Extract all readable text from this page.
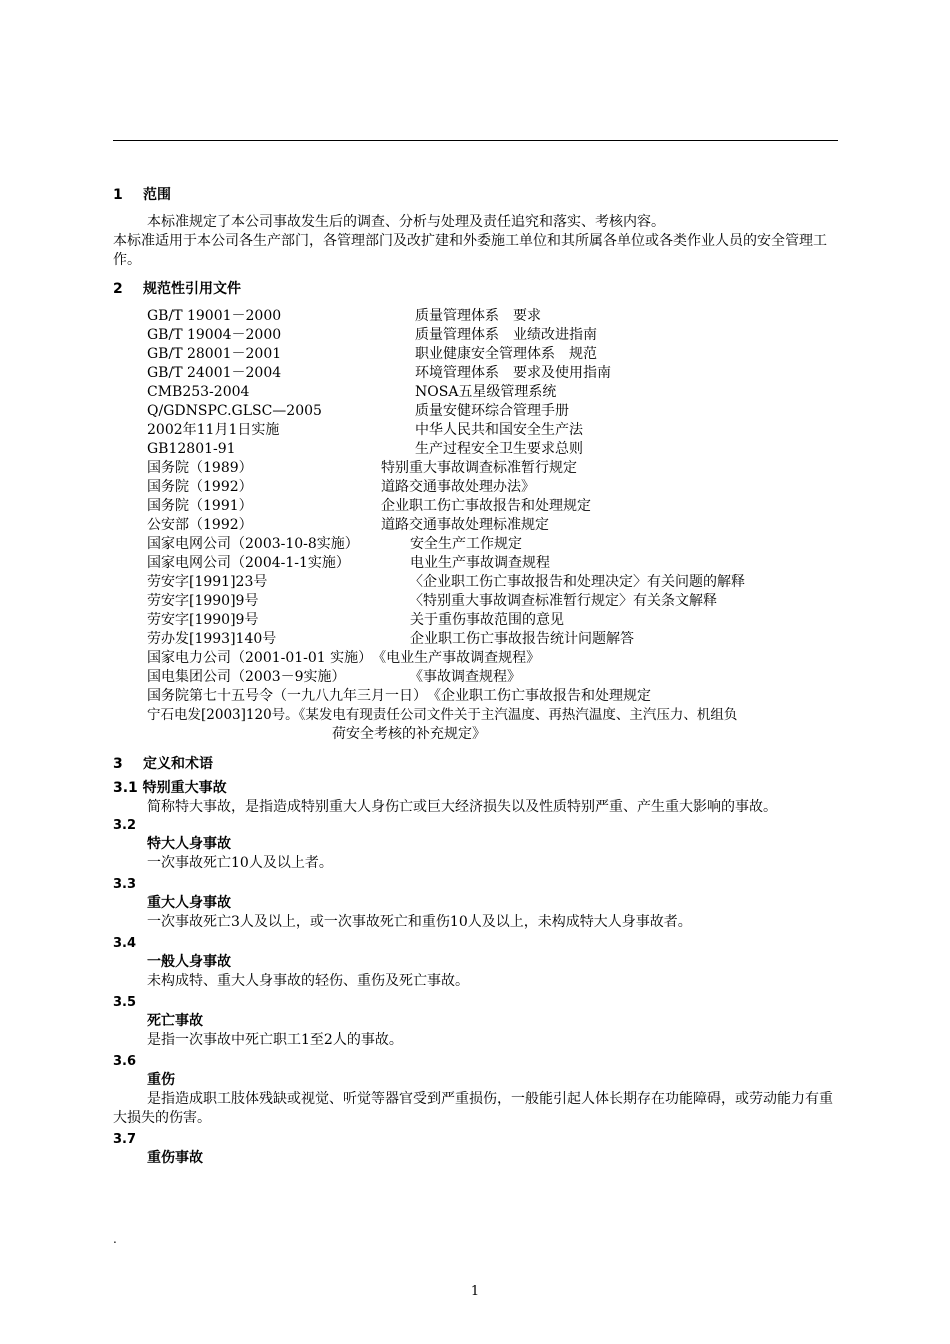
1 范围

本标准规定了本公司事故发生后的调查、分析与处理及责任追究和落实、考核内容。

本标准适用于本公司各生产部门，各管理部门及改扩建和外委施工单位和其所属各单位或各类作业人员的安全管理工作。

2 规范性引用文件
GB/T 19001－2000	质量管理体系　要求
GB/T 19004－2000	质量管理体系　业绩改进指南
GB/T 28001－2001	职业健康安全管理体系　规范
GB/T 24001－2004	环境管理体系　要求及使用指南
CMB253-2004	NOSA五星级管理系统
Q/GDNSPC.GLSC—2005	质量安健环综合管理手册
2002年11月1日实施	中华人民共和国安全生产法
GB12801-91	生产过程安全卫生要求总则
国务院（1989）	特别重大事故调查标准暂行规定
国务院（1992）	道路交通事故处理办法》
国务院（1991）	企业职工伤亡事故报告和处理规定
公安部（1992）	道路交通事故处理标准规定
国家电网公司（2003-10-8实施）	安全生产工作规定
国家电网公司（2004-1-1实施）	电业生产事故调查规程
劳安字[1991]23号	〈企业职工伤亡事故报告和处理决定〉有关问题的解释
劳安字[1990]9号	〈特别重大事故调查标准暂行规定〉有关条文解释
劳安字[1990]9号	关于重伤事故范围的意见
劳办发[1993]140号	企业职工伤亡事故报告统计问题解答
国家电力公司（2001-01-01 实施） 《电业生产事故调查规程》
国电集团公司（2003－9实施）	《事故调查规程》
国务院第七十五号令（一九八九年三月一日） 《企业职工伤亡事故报告和处理规定
宁石电发[2003]120号。《某发电有现责任公司文件关于主汽温度、再热汽温度、主汽压力、机组负
荷安全考核的补充规定》
3 定义和术语
3.1 特别重大事故

简称特大事故，是指造成特别重大人身伤亡或巨大经济损失以及性质特别严重、产生重大影响的事故。

3.2
特大人身事故
一次事故死亡10人及以上者。
3.3
重大人身事故
一次事故死亡3人及以上，或一次事故死亡和重伤10人及以上，未构成特大人身事故者。
3.4
一般人身事故
未构成特、重大人身事故的轻伤、重伤及死亡事故。
3.5
死亡事故
是指一次事故中死亡职工1至2人的事故。
3.6
重伤

是指造成职工肢体残缺或视觉、听觉等器官受到严重损伤，一般能引起人体长期存在功能障碍，或劳动能力有重大损失的伤害。

3.7
重伤事故
.
1
